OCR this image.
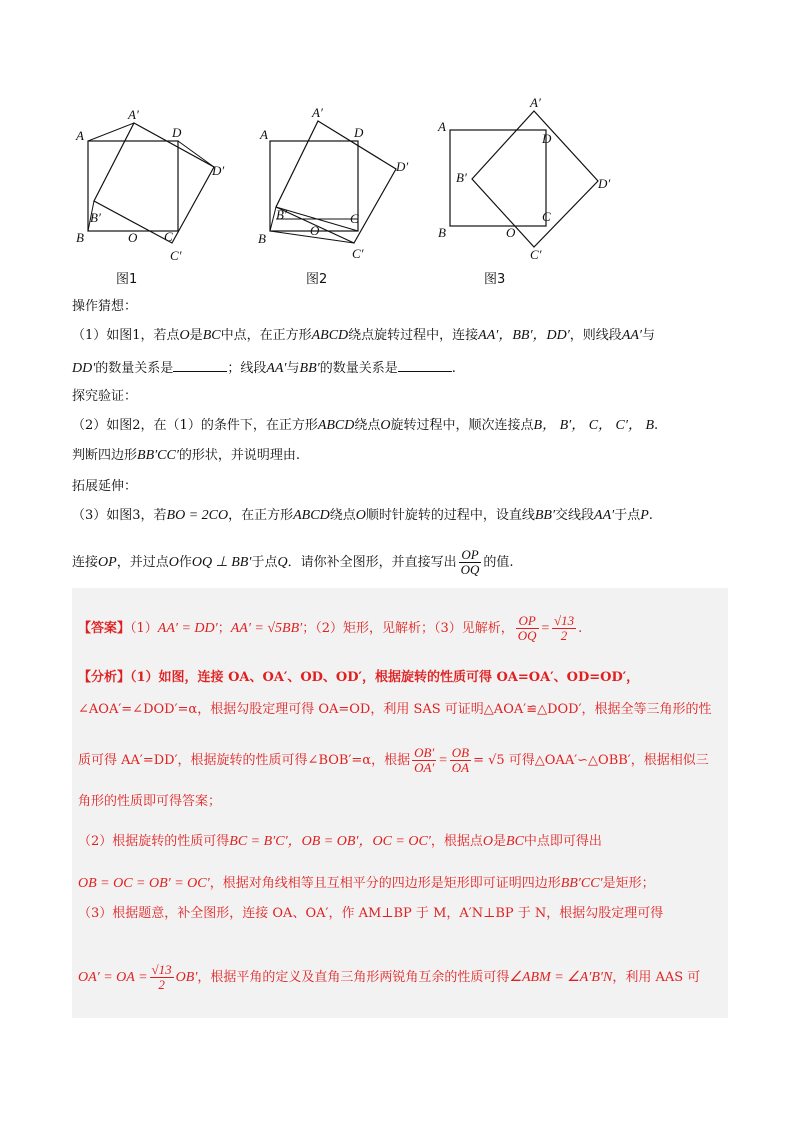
A
A′
D
D′
B′
B	O C
C′
图1
A
A′
D
D′
B′
B
O
C
C′
图2
A
A′
D
D′
B′
B	O
C
C′
图3
操作猜想：
（1）如图1，若点O是BC中点，在正方形ABCD绕点旋转过程中，连接AA′，BB′，DD′，则线段AA′与
DD′的数量关系是	；线段AA′与BB′的数量关系是	.
探究验证：
（2）如图2，在（1）的条件下，在正方形ABCD绕点O旋转过程中，顺次连接点B， B′， C， C′， B.
判断四边形BB′CC′的形状，并说明理由.
拓展延伸：
（3）如图3，若BO = 2CO，在正方形ABCD绕点O顺时针旋转的过程中，设直线BB′交线段AA′于点P.
连接OP，并过点O作OQ ⊥ BB′于点Q．请你补全图形，并直接写出 $\frac{OP}{OQ}$ 的值.
【答案】（1）AA′ = DD′；AA′ = √5BB′；（2）矩形，见解析；（3）见解析， $\frac{OP}{OQ} = \frac{√13}{2}$ .
【分析】（1）如图，连接 OA、OA′、OD、OD′，根据旋转的性质可得 OA=OA′、OD=OD′，
∠AOA′=∠DOD′=α，根据勾股定理可得 OA=OD，利用 SAS 可证明△AOA′≌△DOD′，根据全等三角形的性
质可得 AA′=DD′，根据旋转的性质可得∠BOB′=α，根据 $\frac{OB'}{OA'} = \frac{OB}{OA} = √5$ 可得△OAA′∽△OBB′，根据相似三
角形的性质即可得答案；
（2）根据旋转的性质可得BC = B′C′，OB = OB′，OC = OC′，根据点O是BC中点即可得出
OB = OC = OB′ = OC′，根据对角线相等且互相平分的四边形是矩形即可证明四边形BB′CC′是矩形；
（3）根据题意，补全图形，连接 OA、OA′，作 AM⊥BP 于 M，A′N⊥BP 于 N，根据勾股定理可得
OA′ = OA = $\frac{√13}{2} OB'$，根据平角的定义及直角三角形两锐角互余的性质可得∠ABM = ∠A′B′N，利用 AAS 可
